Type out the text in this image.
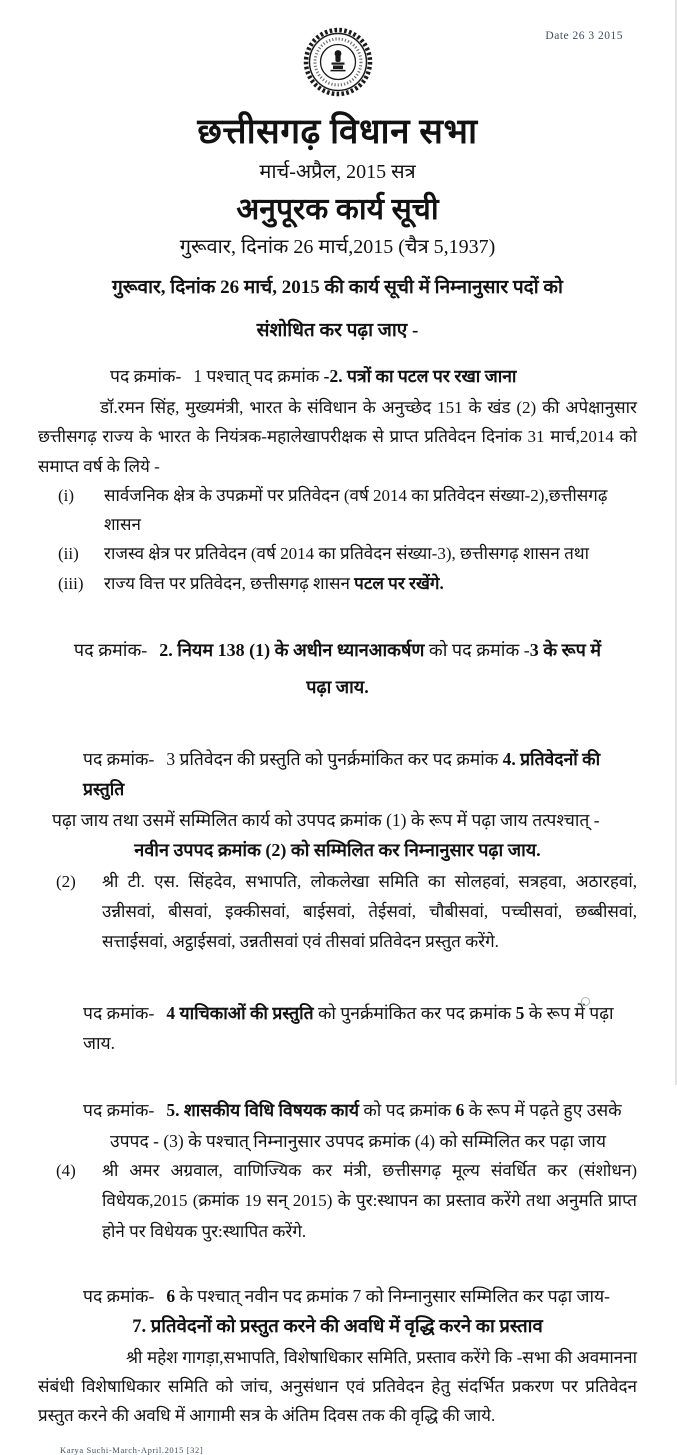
Date 26 3 2015
छत्तीसगढ़ विधान सभा
मार्च-अप्रैल, 2015 सत्र
अनुपूरक कार्य सूची
गुरूवार, दिनांक 26 मार्च,2015 (चैत्र 5,1937)
गुरूवार, दिनांक 26 मार्च, 2015 की कार्य सूची में निम्नानुसार पदों को
संशोधित कर पढ़ा जाए -
पद क्रमांक- 1 पश्चात् पद क्रमांक -2. पत्रों का पटल पर रखा जाना
डॉ.रमन सिंह, मुख्यमंत्री, भारत के संविधान के अनुच्छेद 151 के खंड (2) की अपेक्षानुसार छत्तीसगढ़ राज्य के भारत के नियंत्रक-महालेखापरीक्षक से प्राप्त प्रतिवेदन दिनांक 31 मार्च,2014 को समाप्त वर्ष के लिये -
(i)	सार्वजनिक क्षेत्र के उपक्रमों पर प्रतिवेदन (वर्ष 2014 का प्रतिवेदन संख्या-2),छत्तीसगढ़ शासन
(ii)	राजस्व क्षेत्र पर प्रतिवेदन (वर्ष 2014 का प्रतिवेदन संख्या-3), छत्तीसगढ़ शासन तथा
(iii)	राज्य वित्त पर प्रतिवेदन, छत्तीसगढ़ शासन पटल पर रखेंगे.
पद क्रमांक- 2. नियम 138 (1) के अधीन ध्यानआकर्षण को पद क्रमांक -3 के रूप में
पढ़ा जाय.
पद क्रमांक- 3 प्रतिवेदन की प्रस्तुति को पुनर्क्रमांकित कर पद क्रमांक 4. प्रतिवेदनों की प्रस्तुति
पढ़ा जाय तथा उसमें सम्मिलित कार्य को उपपद क्रमांक (1) के रूप में पढ़ा जाय तत्पश्चात् -
नवीन उपपद क्रमांक (2) को सम्मिलित कर निम्नानुसार पढ़ा जाय.
(2)	श्री टी. एस. सिंहदेव, सभापति, लोकलेखा समिति का सोलहवां, सत्रहवा, अठारहवां, उन्नीसवां, बीसवां, इक्कीसवां, बाईसवां, तेईसवां, चौबीसवां, पच्चीसवां, छब्बीसवां, सत्ताईसवां, अट्ठाईसवां, उन्नतीसवां एवं तीसवां प्रतिवेदन प्रस्तुत करेंगे.
पद क्रमांक- 4 याचिकाओं की प्रस्तुति को पुनर्क्रमांकित कर पद क्रमांक 5 के रूप में पढ़ा जाय.
पद क्रमांक- 5. शासकीय विधि विषयक कार्य को पद क्रमांक 6 के रूप में पढ़ते हुए उसके
उपपद - (3) के पश्चात् निम्नानुसार उपपद क्रमांक (4) को सम्मिलित कर पढ़ा जाय
(4)	श्री अमर अग्रवाल, वाणिज्यिक कर मंत्री, छत्तीसगढ़ मूल्य संवर्धित कर (संशोधन) विधेयक,2015 (क्रमांक 19 सन् 2015) के पुर:स्थापन का प्रस्ताव करेंगे तथा अनुमति प्राप्त होने पर विधेयक पुर:स्थापित करेंगे.
पद क्रमांक- 6 के पश्चात् नवीन पद क्रमांक 7 को निम्नानुसार सम्मिलित कर पढ़ा जाय-
7. प्रतिवेदनों को प्रस्तुत करने की अवधि में वृद्धि करने का प्रस्ताव
श्री महेश गागड़ा,सभापति, विशेषाधिकार समिति, प्रस्ताव करेंगे कि -सभा की अवमानना संबंधी विशेषाधिकार समिति को जांच, अनुसंधान एवं प्रतिवेदन हेतु संदर्भित प्रकरण पर प्रतिवेदन प्रस्तुत करने की अवधि में आगामी सत्र के अंतिम दिवस तक की वृद्धि की जाये.
Karya Suchi-March-April.2015 [32]
